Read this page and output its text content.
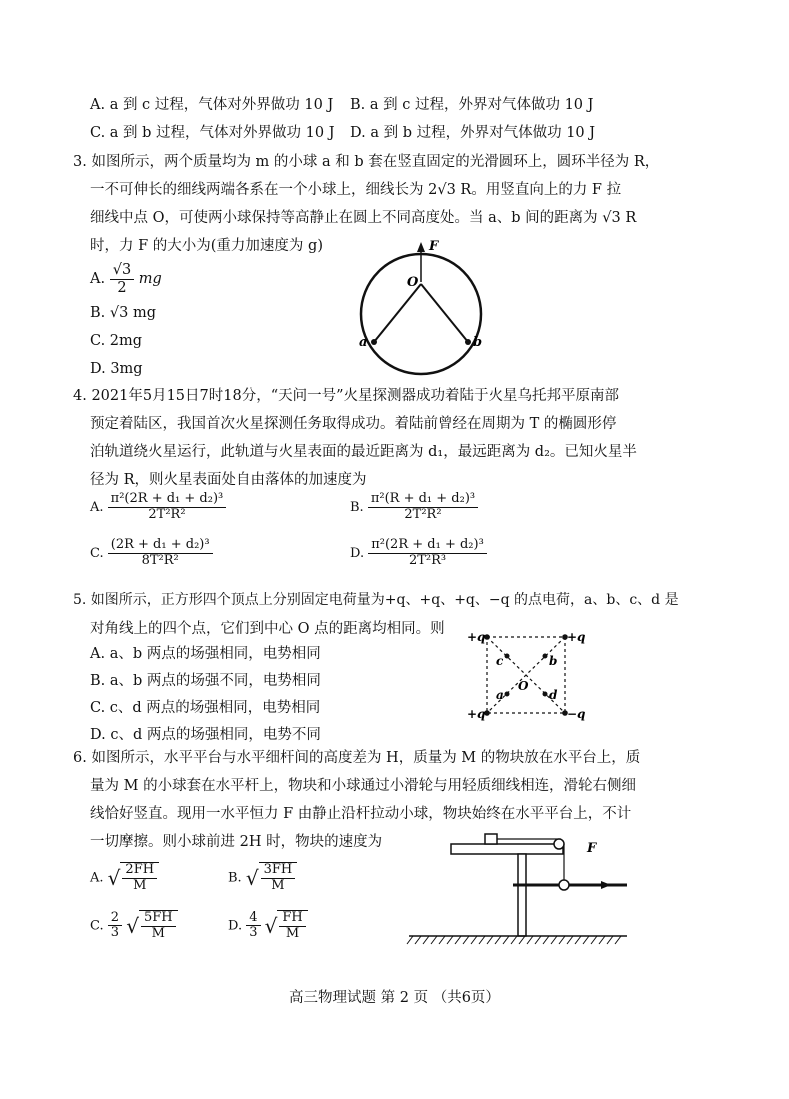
A. a 到 c 过程，气体对外界做功 10 J B. a 到 c 过程，外界对气体做功 10 J
C. a 到 b 过程，气体对外界做功 10 J D. a 到 b 过程，外界对气体做功 10 J
3. 如图所示，两个质量均为 m 的小球 a 和 b 套在竖直固定的光滑圆环上，圆环半径为 R，
一不可伸长的细线两端各系在一个小球上，细线长为 2√3 R。用竖直向上的力 F 拉
细线中点 O，可使两小球保持等高静止在圆上不同高度处。当 a、b 间的距离为 √3 R
时，力 F 的大小为(重力加速度为 g)
A. $\frac{√3}{2}$ mg
B. √3 mg
C. 2mg
D. 3mg
F
O
a	b
4. 2021年5月15日7时18分，“天问一号”火星探测器成功着陆于火星乌托邦平原南部
预定着陆区，我国首次火星探测任务取得成功。着陆前曾经在周期为 T 的椭圆形停
泊轨道绕火星运行，此轨道与火星表面的最近距离为 d₁，最远距离为 d₂。已知火星半
径为 R，则火星表面处自由落体的加速度为
A. $\frac{\text{π²(2R + d₁ + d₂)³}}{\text{2T²R²}}$	B. $\frac{\text{π²(R + d₁ + d₂)³}}{\text{2T²R²}}$
C. $\frac{\text{(2R + d₁ + d₂)³}}{\text{8T²R²}}$	D. $\frac{\text{π²(2R + d₁ + d₂)³}}{\text{2T²R³}}$
5. 如图所示，正方形四个顶点上分别固定电荷量为+q、+q、+q、−q 的点电荷，a、b、c、d 是
对角线上的四个点，它们到中心 O 点的距离均相同。则
A. a、b 两点的场强相同，电势相同
B. a、b 两点的场强不同，电势相同
C. c、d 两点的场强相同，电势相同
D. c、d 两点的场强相同，电势不同
+q	+q
+q	−q
c	b
a	d
O
6. 如图所示，水平平台与水平细杆间的高度差为 H，质量为 M 的物块放在水平台上，质
量为 M 的小球套在水平杆上，物块和小球通过小滑轮与用轻质细线相连，滑轮右侧细
线恰好竖直。现用一水平恒力 F 由静止沿杆拉动小球，物块始终在水平平台上，不计
一切摩擦。则小球前进 2H 时，物块的速度为
A. √ $\frac{2FH}{M}$	B. √ $\frac{3FH}{M}$
C. $\frac{2}{3}$ √ $\frac{5FH}{M}$	D. $\frac{4}{3}$ √ $\frac{FH}{M}$
F
高三物理试题 第 2 页 （共6页）
